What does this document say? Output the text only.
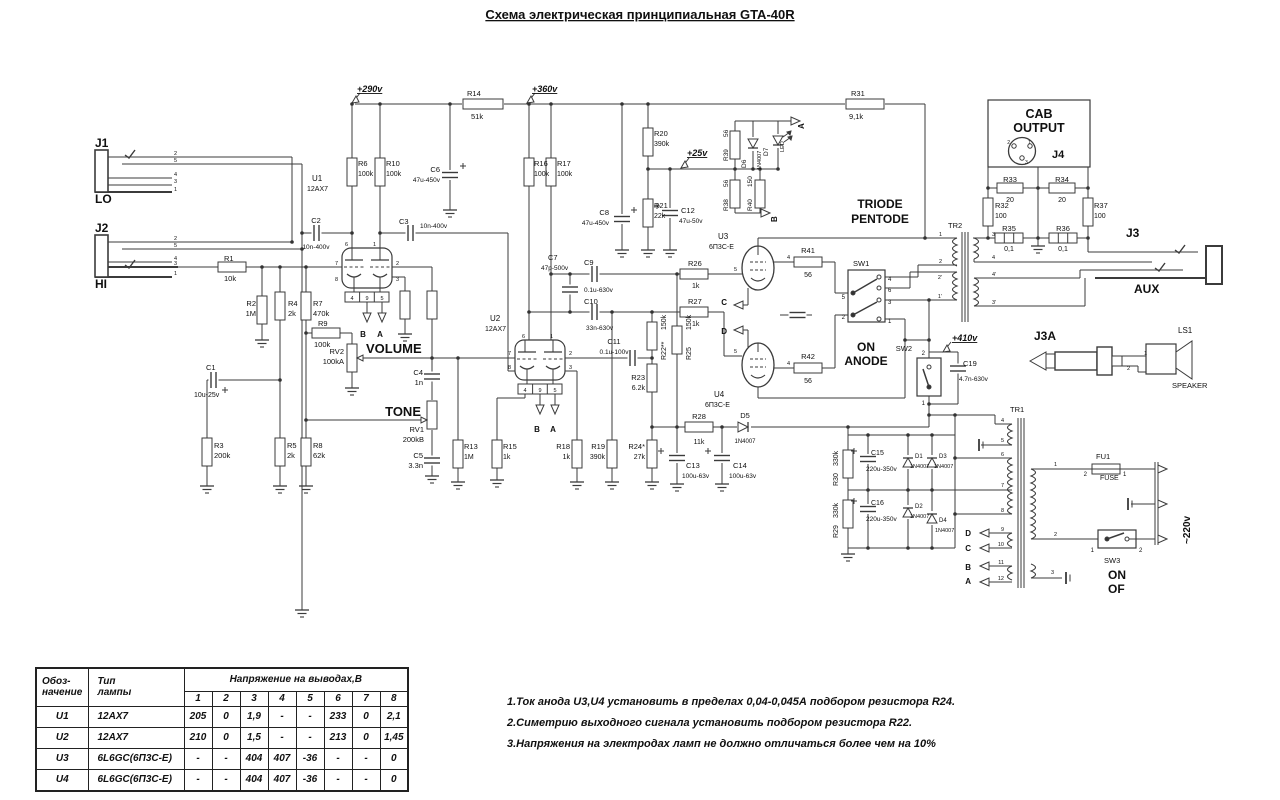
Схема электрическая принципиальная GTA-40R
+290v	+360v
+25v
+410v
~220v
J1
LO
J2
HI
R1
10k
R2
1M
R4
2k
R7
470k
R9
100k
RV2
100kA
VOLUME
C4
1n
TONE
RV1
200kB
C5
3.3n
C1
10u-25v
R3
200k
R5
2k
R8
62k
U1
12AX7
C2
10n-400v
C3
10n-400v
R6
100k
R10
100k
C6
47u-450v
R14
51k
R16
100k
R17
100k
C8
47u-450v
R20
390k
R21
22k
C12
47u-50v
U2
12AX7
C7
47p-500v
C9
0.1u-630v
C10
33n-630v
C11
0.1u-100v	R22**
150k
R25
150k
R23
6.2k
R26
1k
R27
1k
R13
1M
R15
1k
R18
1k
R19
390k
R24*
27k
R28
11k
D5
1N4007
C13
100u-63v
C14
100u-63v
U3
6П3С-Е
U4
6П3С-Е
R41
56
R42
56
TRIODE
PENTODE
SW1
ON
ANODE
R31
9,1k
TR2
SW2
C19
4.7n-630v
D6 1N4007 D7 LED
R39
56
R38
56
R40
150
A
B
B A
B A
C
D
D
C
B
A
D1
1N4007
D3
1N4007
D2
1N4007
D4
1N4007
R30
330k
R29
330k
C15
220u-350v
C16
220u-350v
CAB
OUTPUT
J4
R33
20
R34
20
R32
100
R37
100
R35
0,1
R36
0,1
J3
AUX
J3A	LS1
SPEAKER
TR1
FU1
FUSE
SW3
ON
OF
6	1
7	2
8	3
4 9 5
6	1
7	2
8	3
4 9 5
2
5
4
3
1
2
5
4
3
1
5
4
5
4
4
6
3
1
5
2
2
1
1
2
2'
1'
3
4
4'
3'
2	1
3
4
5
6
7
8
9
10
11
12
1
2
3
2	1
1	2
1
2
Обоз-
начение	Тип
лампы	Напряжение на выводах,В							
		1	2	3	4	5	6	7	8
U1	12AX7	205	0	1,9	-	-	233	0	2,1
U2	12AX7	210	0	1,5	-	-	213	0	1,45
U3	6L6GC(6П3С-Е)	-	-	404	407	-36	-	-	0
U4	6L6GC(6П3С-Е)	-	-	404	407	-36	-	-	0
1.Ток анода U3,U4 установить в пределах 0,04-0,045А подбором резистора R24.
2.Симетрию выходного сигнала установить подбором резистора R22.
3.Напряжения на электродах ламп не должно отличаться более чем на 10%
